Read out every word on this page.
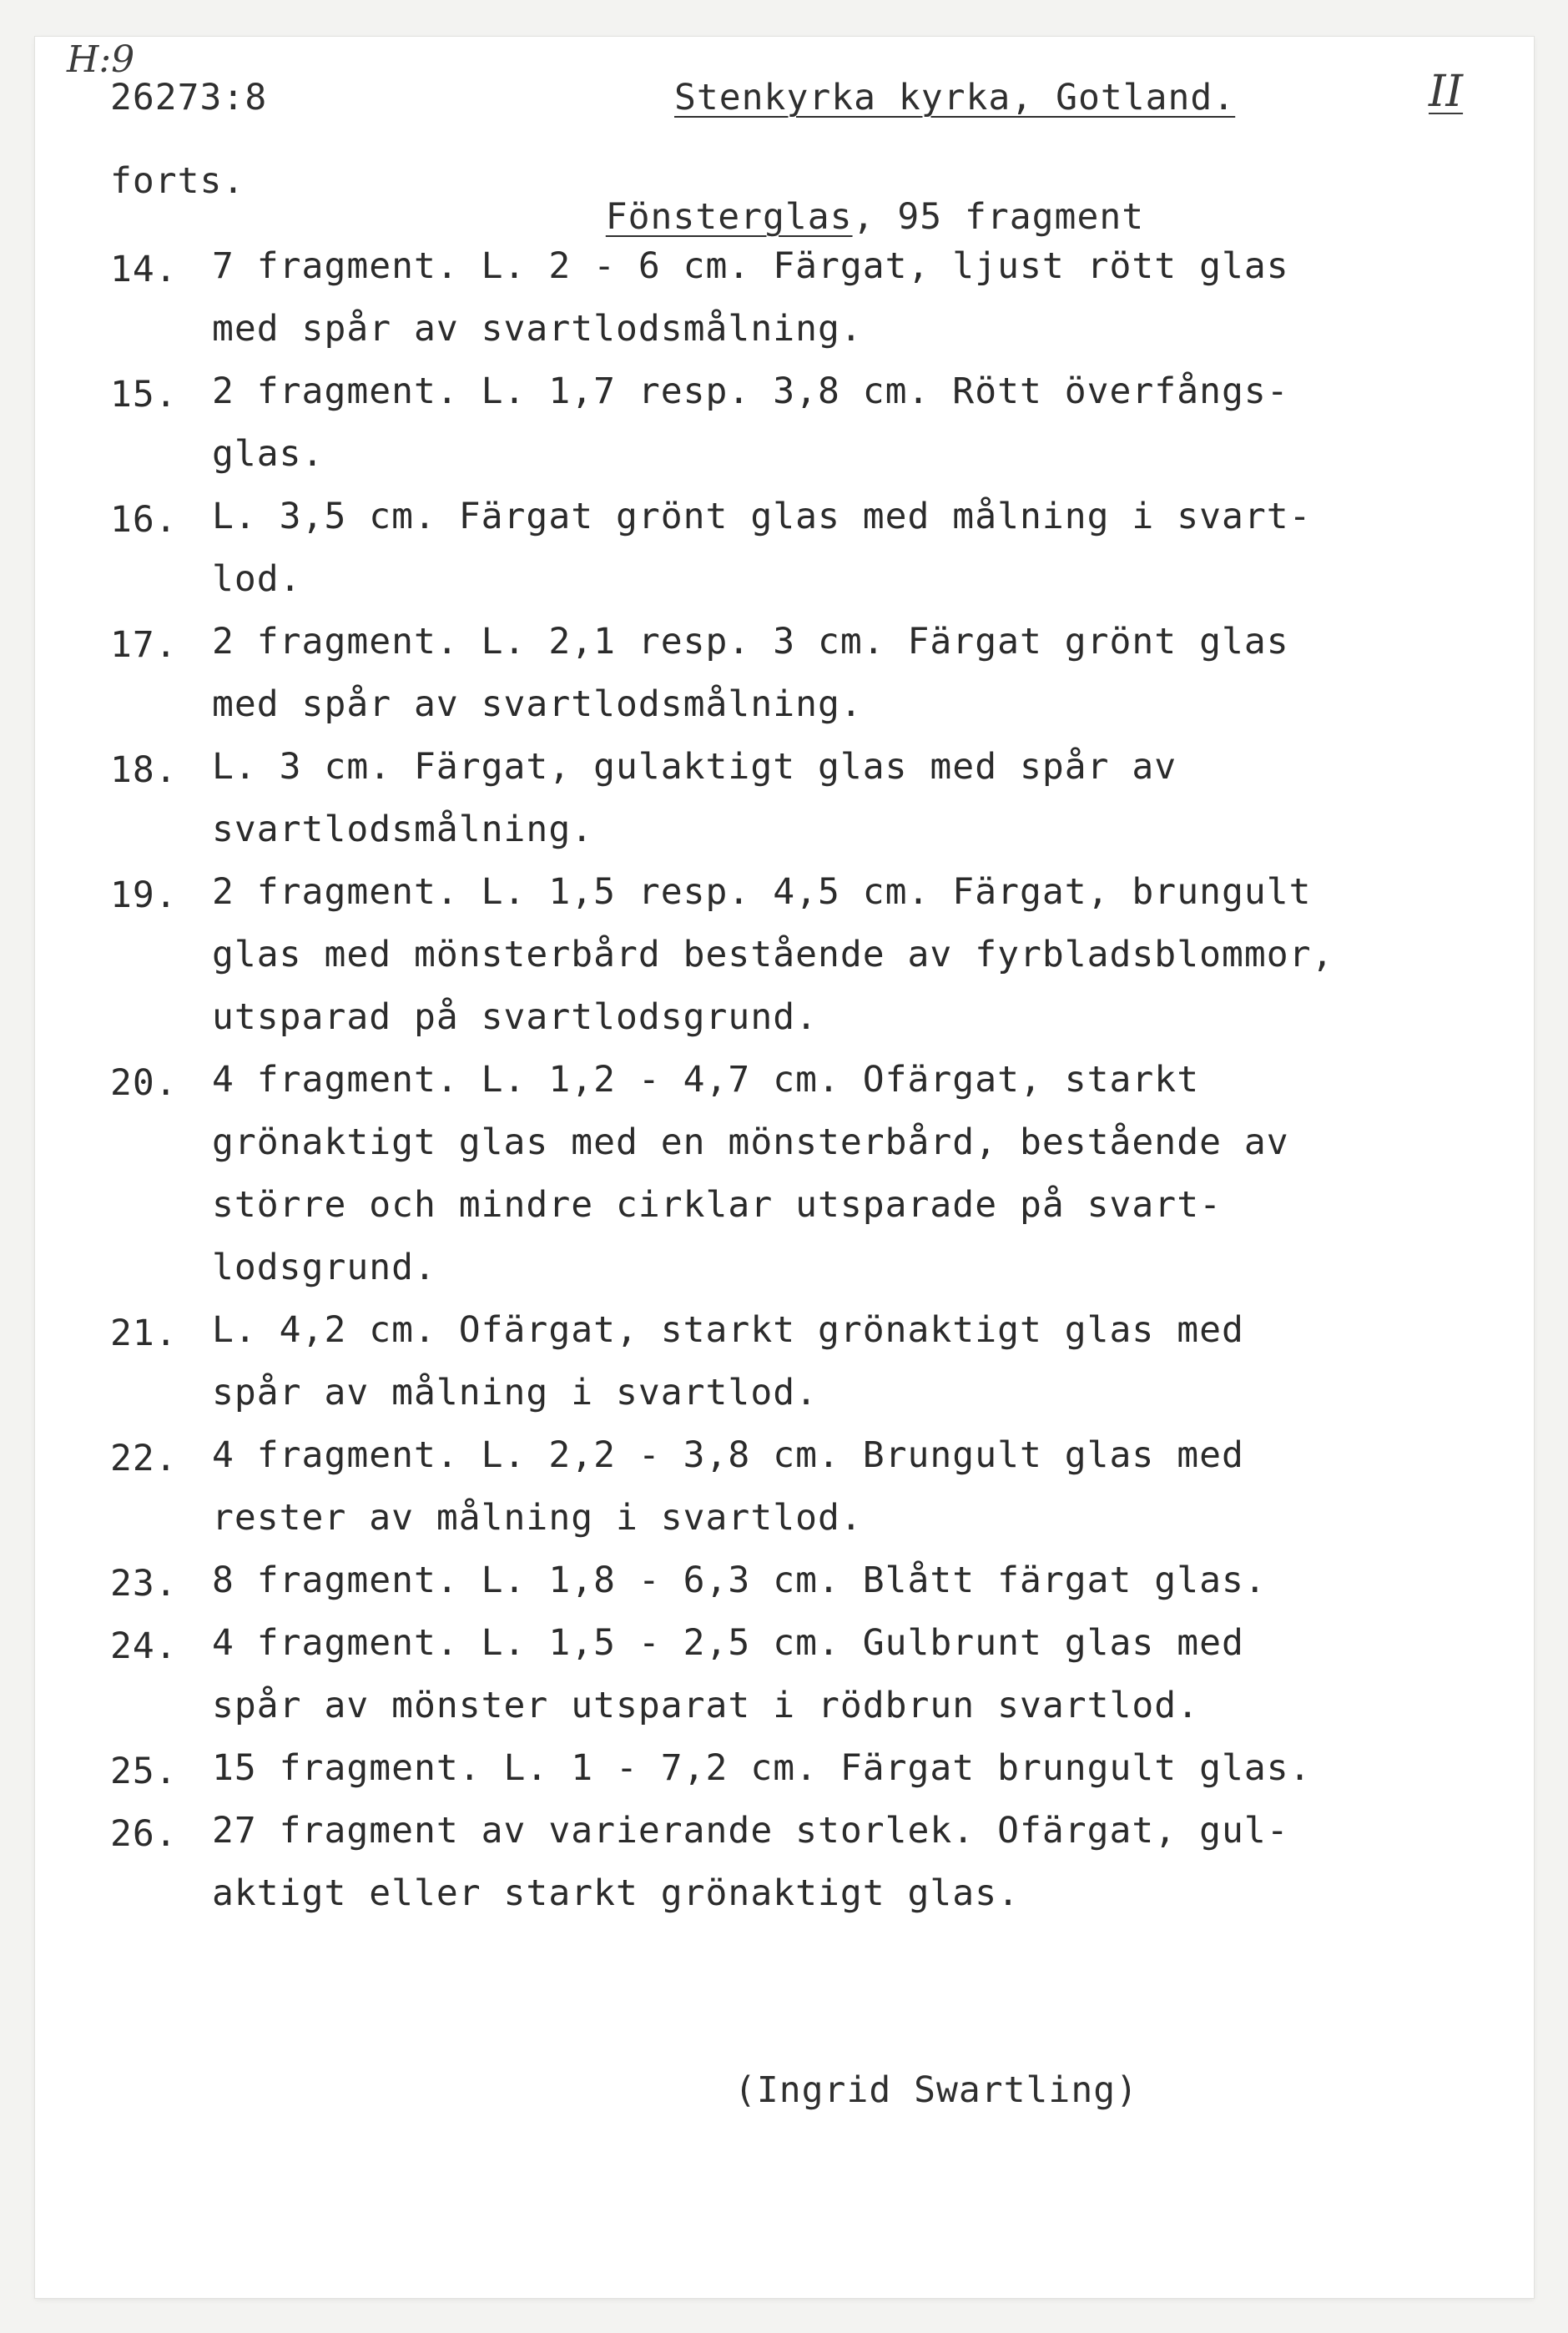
H:9
26273:8	Stenkyrka kyrka, Gotland.	II
forts.

Fönsterglas, 95 fragment

14. 7 fragment. L. 2 - 6 cm. Färgat, ljust rött glas
med spår av svartlodsmålning.
15. 2 fragment. L. 1,7 resp. 3,8 cm. Rött överfångs-
glas.
16. L. 3,5 cm. Färgat grönt glas med målning i svart-
lod.
17. 2 fragment. L. 2,1 resp. 3 cm. Färgat grönt glas
med spår av svartlodsmålning.
18. L. 3 cm. Färgat, gulaktigt glas med spår av
svartlodsmålning.
19. 2 fragment. L. 1,5 resp. 4,5 cm. Färgat, brungult
glas med mönsterbård bestående av fyrbladsblommor,
utsparad på svartlodsgrund.
20. 4 fragment. L. 1,2 - 4,7 cm. Ofärgat, starkt
grönaktigt glas med en mönsterbård, bestående av
större och mindre cirklar utsparade på svart-
lodsgrund.
21. L. 4,2 cm. Ofärgat, starkt grönaktigt glas med
spår av målning i svartlod.
22. 4 fragment. L. 2,2 - 3,8 cm. Brungult glas med
rester av målning i svartlod.
23. 8 fragment. L. 1,8 - 6,3 cm. Blått färgat glas.
24. 4 fragment. L. 1,5 - 2,5 cm. Gulbrunt glas med
spår av mönster utsparat i rödbrun svartlod.
25. 15 fragment. L. 1 - 7,2 cm. Färgat brungult glas.
26. 27 fragment av varierande storlek. Ofärgat, gul-
aktigt eller starkt grönaktigt glas.
(Ingrid Swartling)
